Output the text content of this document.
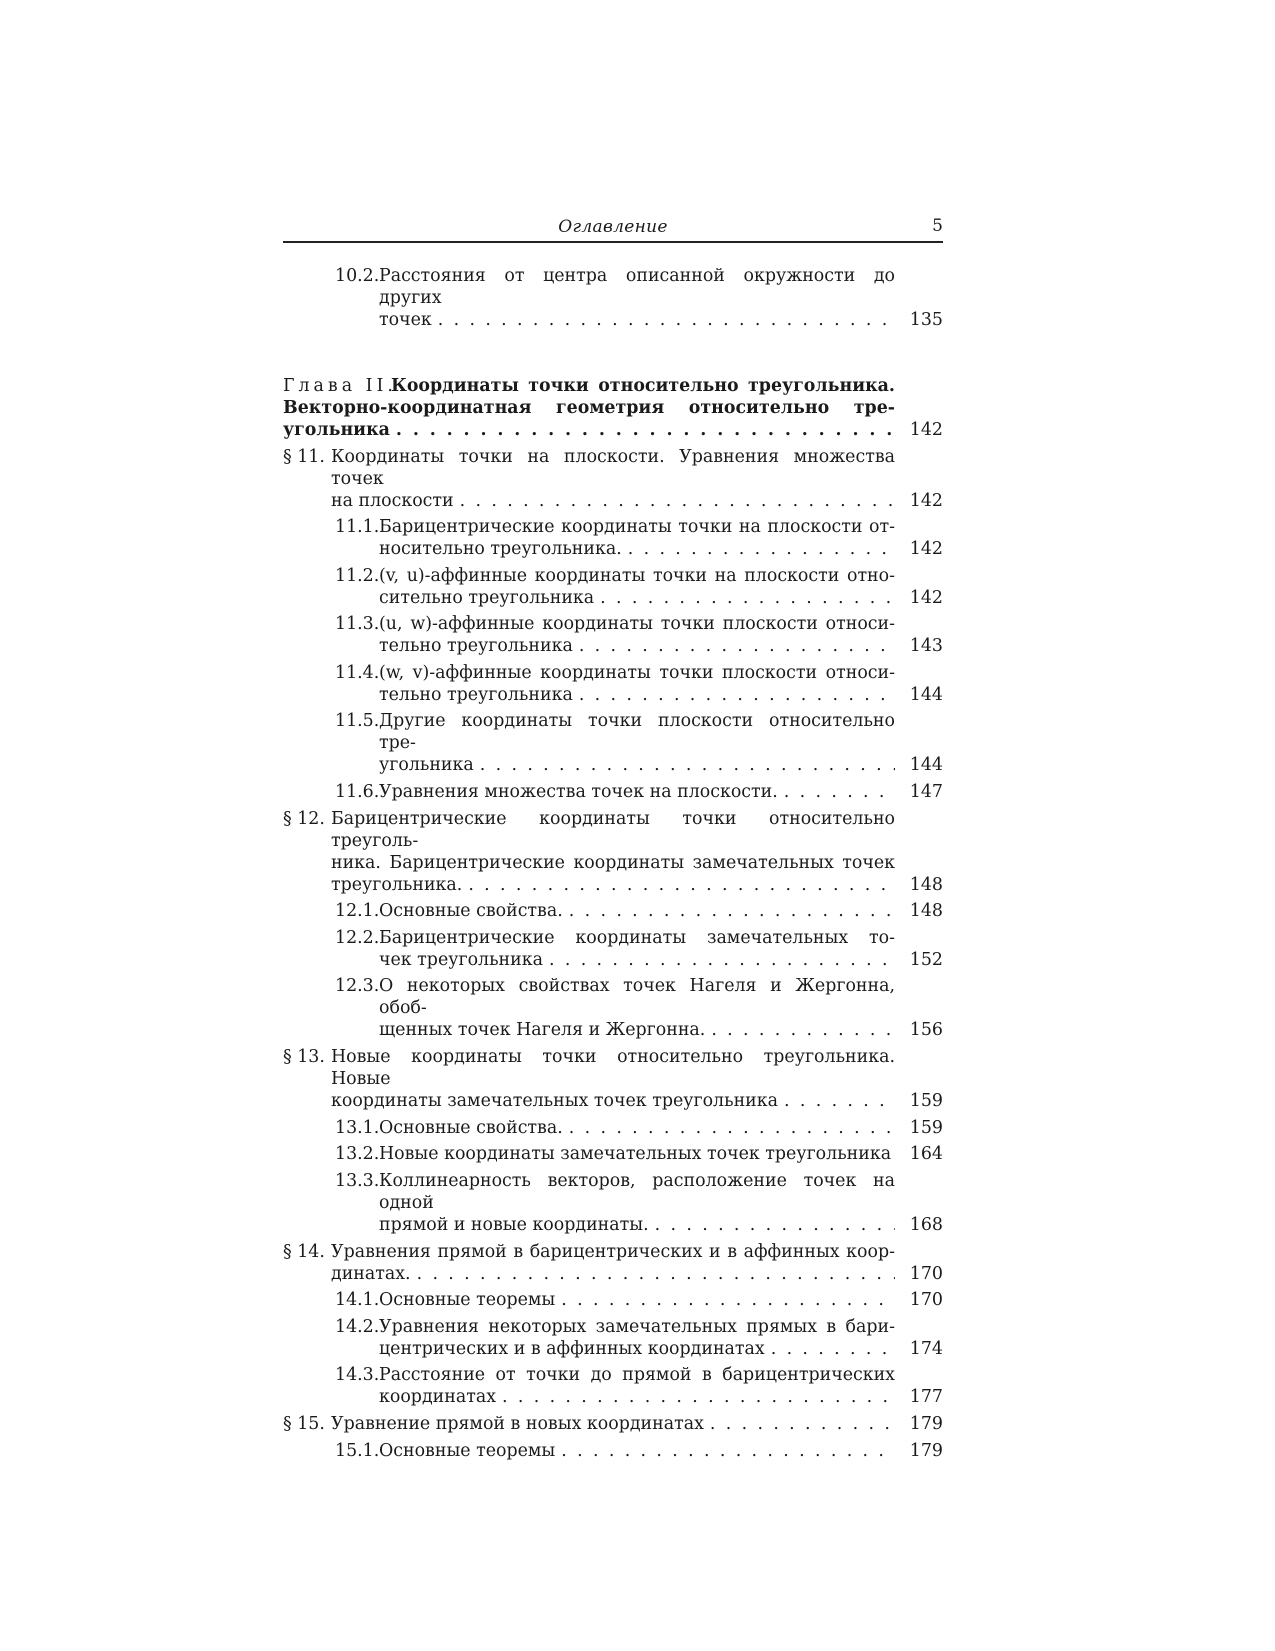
Оглавление	5
10.2. Расстояния от центра описанной окружности до других
точек . . .	135
Глава II.
Координаты точки относительно треугольника.
Векторно-координатная геометрия относительно тре-
угольника . . .	142
§ 11. Координаты точки на плоскости. Уравнения множества точек
на плоскости . . .	142
11.1. Барицентрические координаты точки на плоскости от-
носительно треугольника. . . .	142
11.2. (v, u)-аффинные координаты точки на плоскости отно-
сительно треугольника . . .	142
11.3. (u, w)-аффинные координаты точки плоскости относи-
тельно треугольника . . .	143
11.4. (w, v)-аффинные координаты точки плоскости относи-
тельно треугольника . . .	144
11.5. Другие координаты точки плоскости относительно тре-
угольника . . .	144
11.6. Уравнения множества точек на плоскости. . . .	147
§ 12. Барицентрические координаты точки относительно треуголь-
ника. Барицентрические координаты замечательных точек
треугольника. . . .	148
12.1. Основные свойства. . . .	148
12.2. Барицентрические координаты замечательных то-
чек треугольника . . .	152
12.3. О некоторых свойствах точек Нагеля и Жергонна, обоб-
щенных точек Нагеля и Жергонна. . . .	156
§ 13. Новые координаты точки относительно треугольника. Новые
координаты замечательных точек треугольника . . .	159
13.1. Основные свойства. . . .	159
13.2. Новые координаты замечательных точек треугольника 164
13.3. Коллинеарность векторов, расположение точек на одной
прямой и новые координаты. . . .	168
§ 14. Уравнения прямой в барицентрических и в аффинных коор-
динатах. . . .	170
14.1. Основные теоремы . . .	170
14.2. Уравнения некоторых замечательных прямых в бари-
центрических и в аффинных координатах . . .	174
14.3. Расстояние от точки до прямой в барицентрических
координатах . . .	177
§ 15. Уравнение прямой в новых координатах . . .	179
15.1. Основные теоремы . . .	179
